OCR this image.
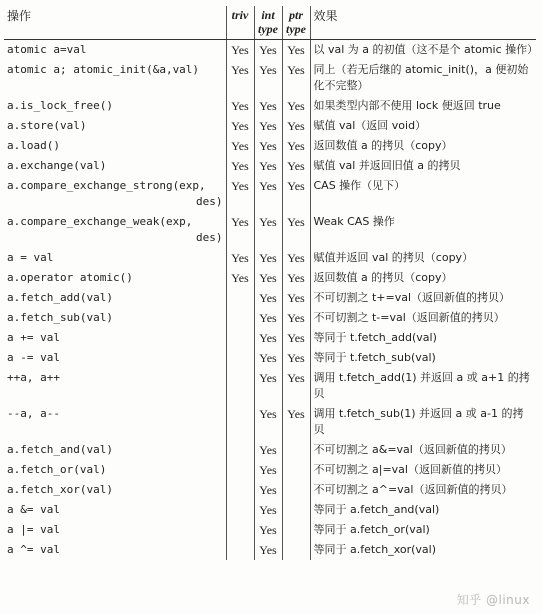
操作	triv	int type	ptr type	效果
atomic a=val	Yes	Yes	Yes	以 val 为 a 的初值（这不是个 atomic 操作）
atomic a; atomic_init(&a,val)	Yes	Yes	Yes	同上（若无后继的 atomic_init()，a 便初始化不完整）
a.is_lock_free()	Yes	Yes	Yes	如果类型内部不使用 lock 便返回 true
a.store(val)	Yes	Yes	Yes	赋值 val（返回 void）
a.load()	Yes	Yes	Yes	返回数值 a 的拷贝（copy）
a.exchange(val)	Yes	Yes	Yes	赋值 val 并返回旧值 a 的拷贝
a.compare_exchange_strong(exp,
des)	Yes	Yes	Yes	CAS 操作（见下）
a.compare_exchange_weak(exp,
des)	Yes	Yes	Yes	Weak CAS 操作
a = val	Yes	Yes	Yes	赋值并返回 val 的拷贝（copy）
a.operator atomic()	Yes	Yes	Yes	返回数值 a 的拷贝（copy）
a.fetch_add(val)		Yes	Yes	不可切割之 t+=val（返回新值的拷贝）
a.fetch_sub(val)		Yes	Yes	不可切割之 t-=val（返回新值的拷贝）
a += val		Yes	Yes	等同于 t.fetch_add(val)
a -= val		Yes	Yes	等同于 t.fetch_sub(val)
++a, a++		Yes	Yes	调用 t.fetch_add(1) 并返回 a 或 a+1 的拷贝
--a, a--		Yes	Yes	调用 t.fetch_sub(1) 并返回 a 或 a-1 的拷贝
a.fetch_and(val)		Yes		不可切割之 a&=val（返回新值的拷贝）
a.fetch_or(val)		Yes		不可切割之 a|=val（返回新值的拷贝）
a.fetch_xor(val)		Yes		不可切割之 a^=val（返回新值的拷贝）
a &= val		Yes		等同于 a.fetch_and(val)
a |= val		Yes		等同于 a.fetch_or(val)
a ^= val		Yes		等同于 a.fetch_xor(val)
知乎 @linux
